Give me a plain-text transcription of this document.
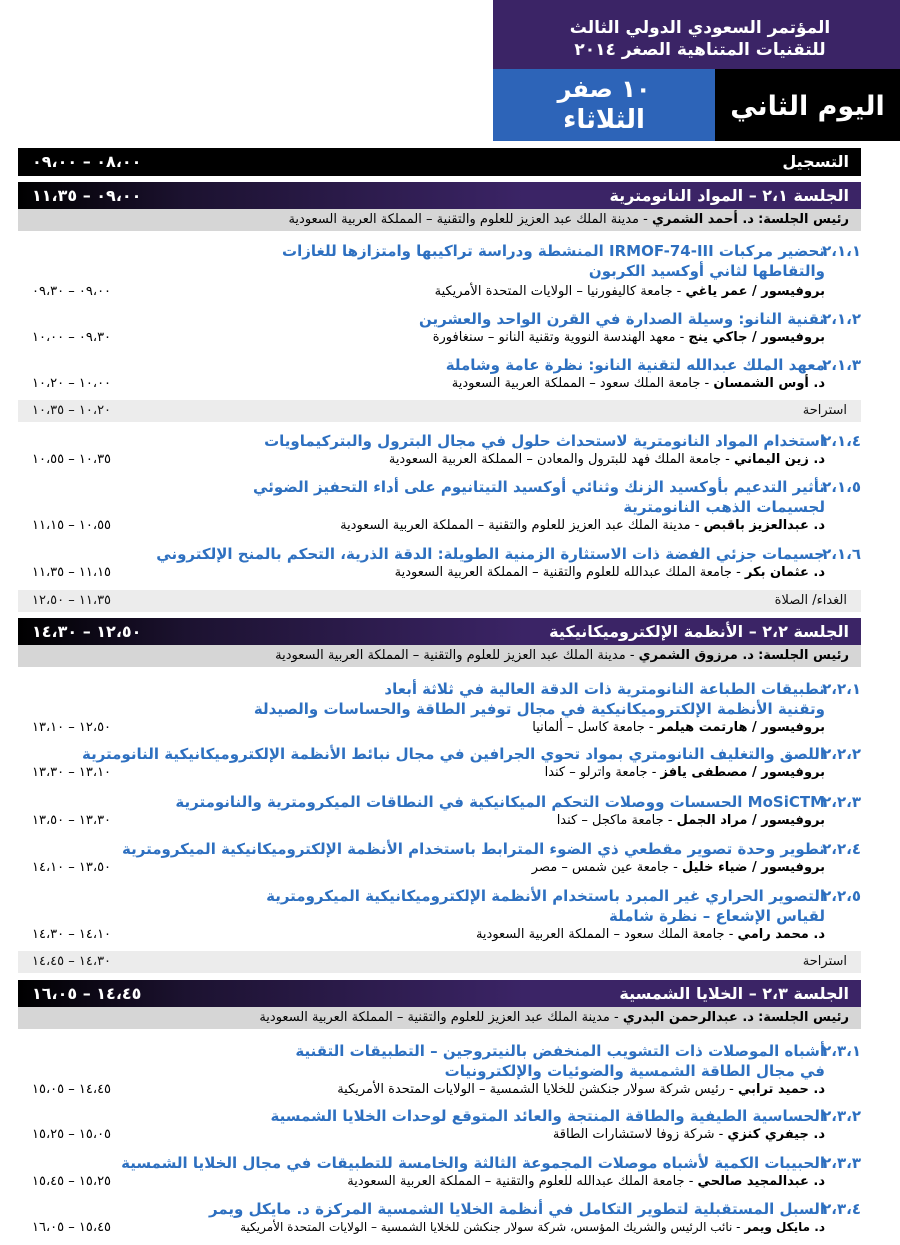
المؤتمر السعودي الدولي الثالث
للتقنيات المتناهية الصغر ٢٠١٤
١٠ صفر
الثلاثاء	اليوم الثاني
التسجيل
٠٨،٠٠ – ٠٩،٠٠
الجلسة ٢،١ – المواد النانومترية
٠٩،٠٠ – ١١،٣٥
رئيس الجلسة: د. أحمد الشمري - مدينة الملك عبد العزيز للعلوم والتقنية – المملكة العربية السعودية
٢،١،١
تحضير مركبات IRMOF-74-III المنشطة ودراسة تراكيبها وامتزازها للغازات
والتقاطها لثاني أوكسيد الكربون
بروفيسور / عمر ياغي - جامعة كاليفورنيا – الولايات المتحدة الأمريكية
٠٩،٠٠ – ٠٩،٣٠
٢،١،٢
تقنية النانو: وسيلة الصدارة في القرن الواحد والعشرين
بروفيسور / جاكي ينج - معهد الهندسة النووية وتقنية النانو – سنغافورة
٠٩،٣٠ – ١٠،٠٠
٢،١،٣
معهد الملك عبدالله لتقنية النانو: نظرة عامة وشاملة
د. أوس الشمسان - جامعة الملك سعود – المملكة العربية السعودية
١٠،٠٠ – ١٠،٢٠
استراحة
١٠،٢٠ – ١٠،٣٥
٢،١،٤
استخدام المواد النانومترية لاستحداث حلول في مجال البترول والبتركيماويات
د. زين اليماني - جامعة الملك فهد للبترول والمعادن – المملكة العربية السعودية
١٠،٣٥ – ١٠،٥٥
٢،١،٥
تأثير التدعيم بأوكسيد الزنك وثنائي أوكسيد التيتانيوم على أداء التحفيز الضوئي
لجسيمات الذهب النانومترية
د. عبدالعزيز باقبص - مدينة الملك عبد العزيز للعلوم والتقنية – المملكة العربية السعودية
١٠،٥٥ – ١١،١٥
٢،١،٦
جسيمات جزئي الفضة ذات الاستثارة الزمنية الطويلة: الدقة الذرية، التحكم بالمنح الإلكتروني
د. عثمان بكر - جامعة الملك عبدالله للعلوم والتقنية – المملكة العربية السعودية
١١،١٥ – ١١،٣٥
الغداء/ الصلاة
١١،٣٥ – ١٢،٥٠
الجلسة ٢،٢ – الأنظمة الإلكتروميكانيكية
١٢،٥٠ – ١٤،٣٠
رئيس الجلسة: د. مرزوق الشمري - مدينة الملك عبد العزيز للعلوم والتقنية – المملكة العربية السعودية
٢،٢،١
تطبيقات الطباعة النانومترية ذات الدقة العالية في ثلاثة أبعاد
وتقنية الأنظمة الإلكتروميكانيكية في مجال توفير الطاقة والحساسات والصيدلة
بروفيسور / هارتمت هيلمر - جامعة كاسل – ألمانيا
١٢،٥٠ – ١٣،١٠
٢،٢،٢
اللصق والتغليف النانومتري بمواد تحوي الجرافين في مجال نبائط الأنظمة الإلكتروميكانيكية النانومترية
بروفيسور / مصطفى يافز - جامعة واترلو – كندا
١٣،١٠ – ١٣،٣٠
٢،٢،٣
MoSiCTM الحسسات ووصلات التحكم الميكانيكية في النطاقات الميكرومترية والنانومترية
بروفيسور / مراد الجمل - جامعة ماكجل – كندا
١٣،٣٠ – ١٣،٥٠
٢،٢،٤
تطوير وحدة تصوير مقطعي ذي الضوء المترابط باستخدام الأنظمة الإلكتروميكانيكية الميكرومترية
بروفيسور / ضياء خليل - جامعة عين شمس – مصر
١٣،٥٠ – ١٤،١٠
٢،٢،٥
التصوير الحراري غير المبرد باستخدام الأنظمة الإلكتروميكانيكية الميكرومترية
لقياس الإشعاع – نظرة شاملة
د. محمد رامي - جامعة الملك سعود – المملكة العربية السعودية
١٤،١٠ – ١٤،٣٠
استراحة
١٤،٣٠ – ١٤،٤٥
الجلسة ٢،٣ – الخلايا الشمسية
١٤،٤٥ – ١٦،٠٥
رئيس الجلسة: د. عبدالرحمن البدري - مدينة الملك عبد العزيز للعلوم والتقنية – المملكة العربية السعودية
٢،٣،١
أشباه الموصلات ذات التشويب المنخفض بالنيتروجين – التطبيقات التقنية
في مجال الطاقة الشمسية والضوئيات والإلكترونيات
د. حميد ترابي - رئيس شركة سولار جنكشن للخلايا الشمسية – الولايات المتحدة الأمريكية
١٤،٤٥ – ١٥،٠٥
٢،٣،٢
الحساسية الطيفية والطاقة المنتجة والعائد المتوقع لوحدات الخلايا الشمسية
د. جيفري كنزي - شركة زوفا لاستشارات الطاقة
١٥،٠٥ – ١٥،٢٥
٢،٣،٣
الحبيبات الكمية لأشباه موصلات المجموعة الثالثة والخامسة للتطبيقات في مجال الخلايا الشمسية
د. عبدالمجيد صالحي - جامعة الملك عبدالله للعلوم والتقنية – المملكة العربية السعودية
١٥،٢٥ – ١٥،٤٥
٢،٣،٤
السبل المستقبلية لتطوير التكامل في أنظمة الخلايا الشمسية المركزة د. مايكل ويمر
د. مايكل ويمر - نائب الرئيس والشريك المؤسس، شركة سولار جنكشن للخلايا الشمسية – الولايات المتحدة الأمريكية
١٥،٤٥ – ١٦،٠٥
